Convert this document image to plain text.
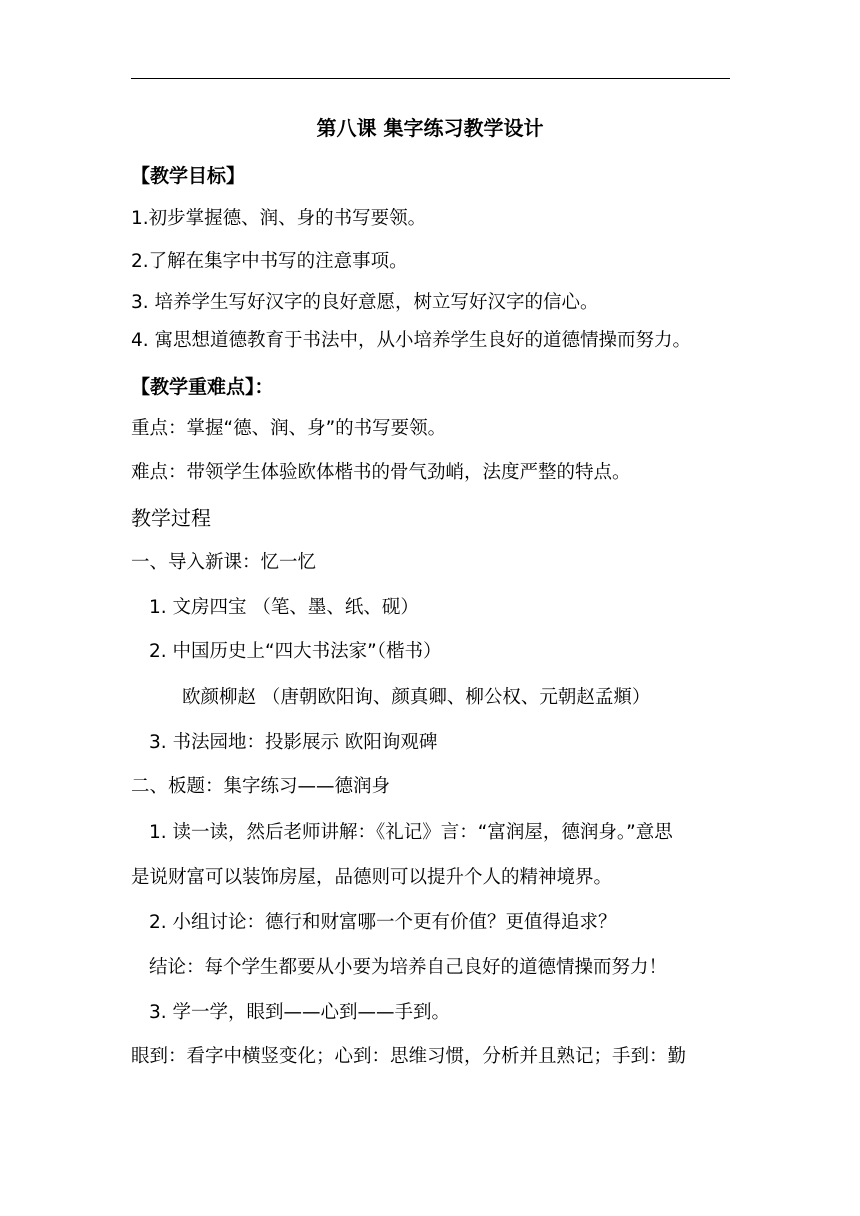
第八课 集字练习教学设计
【教学目标】
1.初步掌握德、润、身的书写要领。
2.了解在集字中书写的注意事项。
3. 培养学生写好汉字的良好意愿，树立写好汉字的信心。
4. 寓思想道德教育于书法中，从小培养学生良好的道德情操而努力。
【教学重难点】：
重点：掌握“德、润、身”的书写要领。
难点：带领学生体验欧体楷书的骨气劲峭，法度严整的特点。
教学过程
一、导入新课：忆一忆
1. 文房四宝 （笔、墨、纸、砚）
2. 中国历史上“四大书法家”（楷书）
欧颜柳赵 （唐朝欧阳询、颜真卿、柳公权、元朝赵孟頫）
3. 书法园地：投影展示 欧阳询观碑
二、板题：集字练习——德润身
1. 读一读，然后老师讲解：《礼记》言：“富润屋，德润身。”意思
是说财富可以装饰房屋，品德则可以提升个人的精神境界。
2. 小组讨论：德行和财富哪一个更有价值？更值得追求？
结论：每个学生都要从小要为培养自己良好的道德情操而努力！
3. 学一学，眼到——心到——手到。
眼到：看字中横竖变化；心到：思维习惯，分析并且熟记；手到：勤
